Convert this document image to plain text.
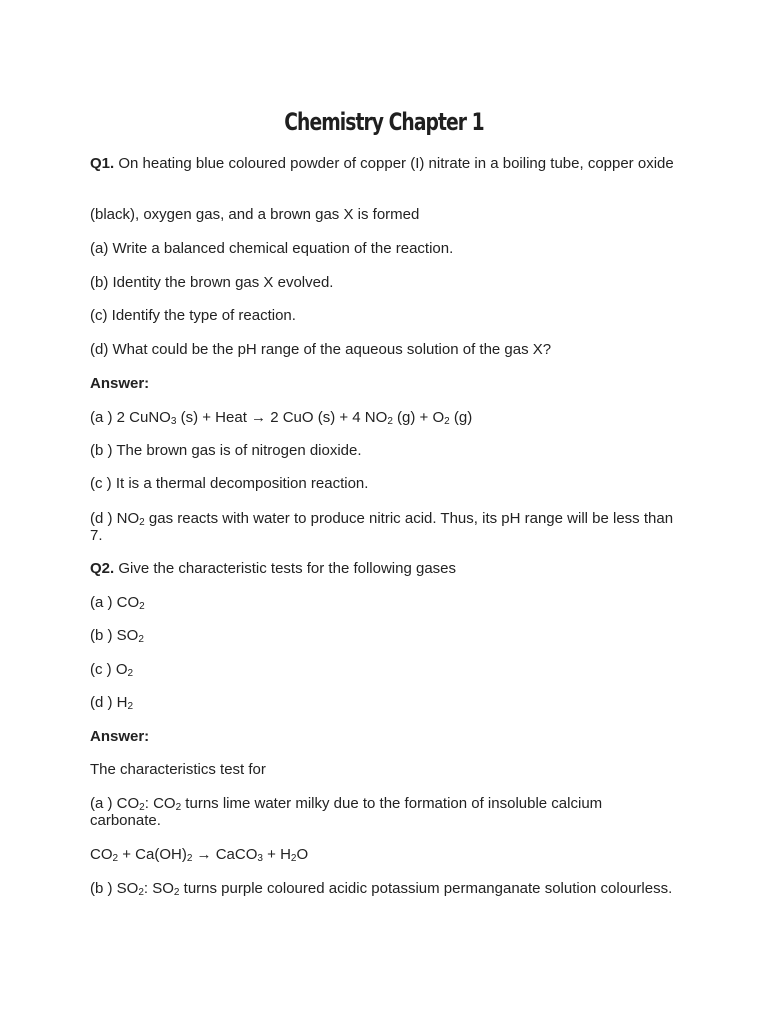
Chemistry Chapter 1

Q1. On heating blue coloured powder of copper (I) nitrate in a boiling tube, copper oxide

(black), oxygen gas, and a brown gas X is formed

(a) Write a balanced chemical equation of the reaction.

(b) Identity the brown gas X evolved.

(c) Identify the type of reaction.

(d) What could be the pH range of the aqueous solution of the gas X?

Answer:

(a ) 2 CuNO$_3$ (s) + Heat → 2 CuO (s) + 4 $NO_2$ $(g) + O_2$ (g)

(b ) The brown gas is of nitrogen dioxide.

(c ) It is a thermal decomposition reaction.

(d ) $NO_2$ gas reacts with water to produce nitric acid. Thus, its pH range will be less than 7.

Q2. Give the characteristic tests for the following gases

(a ) $CO_2$

(b ) $SO_2$

(c ) $O_2$

(d ) $H_2$

Answer:

The characteristics test for

(a ) $CO_2$: $CO_2$ turns lime water milky due to the formation of insoluble calcium carbonate.

$CO_2 + Ca(OH)_2$ → CaCO$_3$ + $H_2O$

(b ) $SO_2$: $SO_2$ turns purple coloured acidic potassium permanganate solution colourless.
